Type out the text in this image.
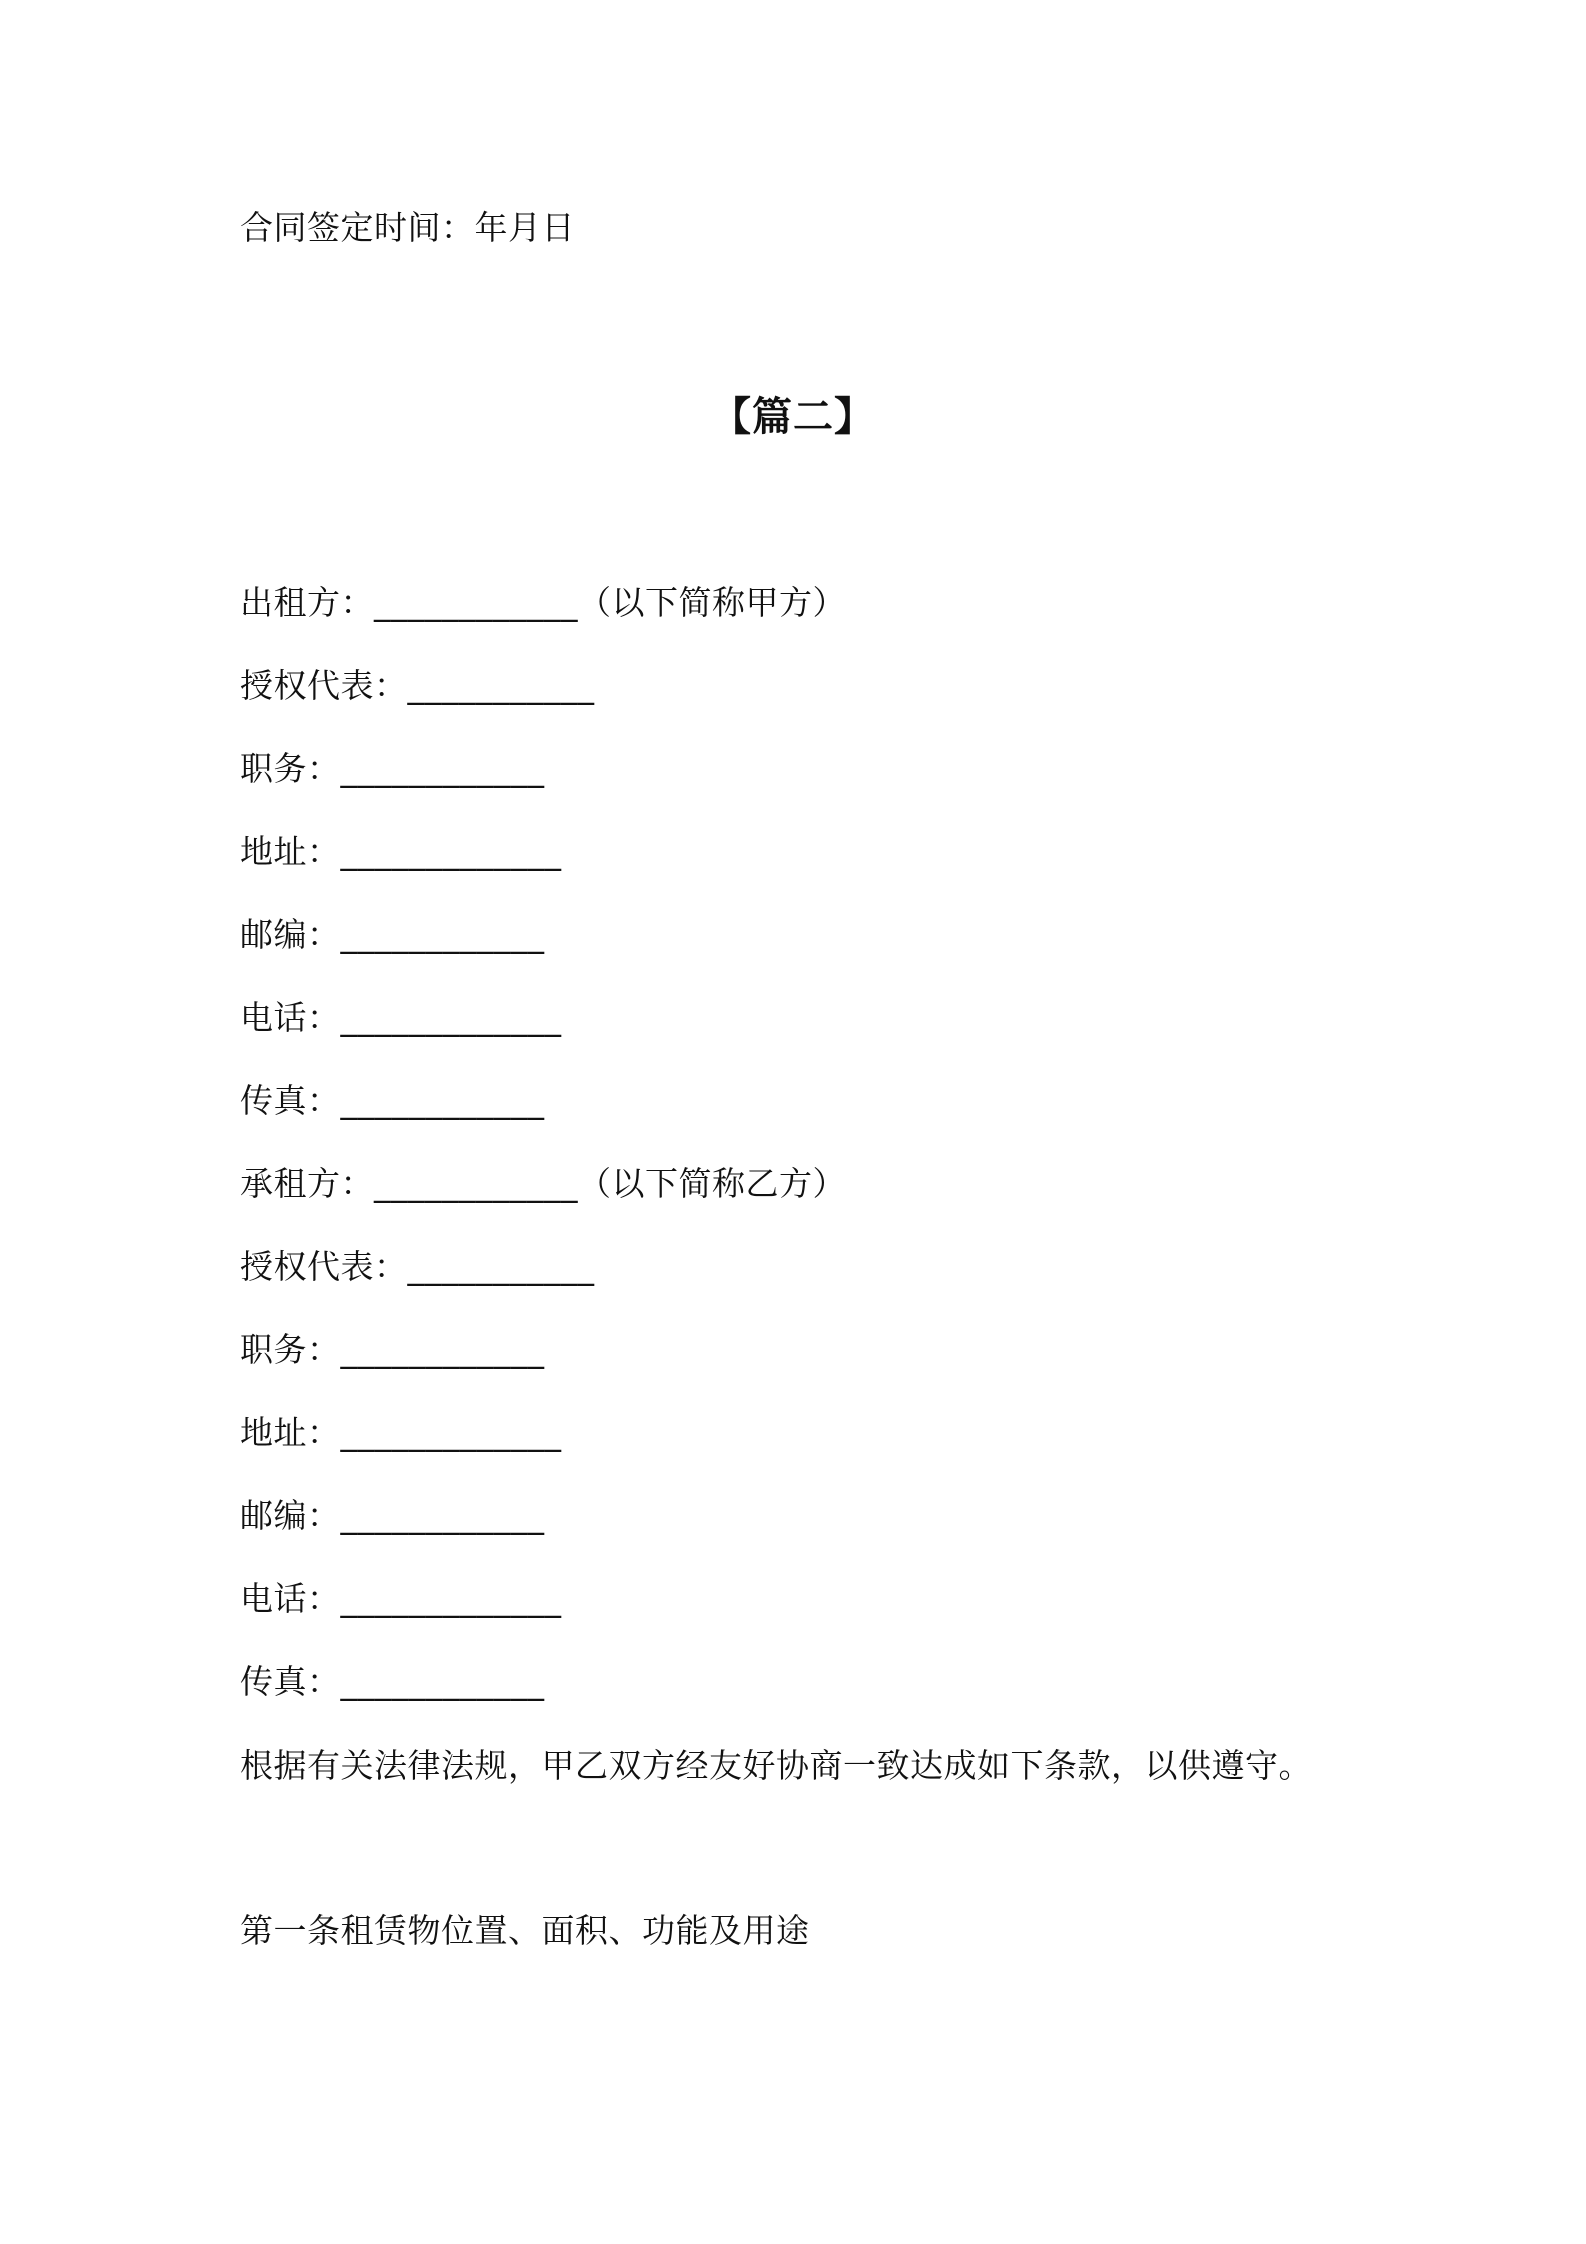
合同签定时间：年月日
【篇二】
出租方：____________（以下简称甲方）
授权代表：___________
职务：____________
地址：_____________
邮编：____________
电话：_____________
传真：____________
承租方：____________（以下简称乙方）
授权代表：___________
职务：____________
地址：_____________
邮编：____________
电话：_____________
传真：____________
根据有关法律法规，甲乙双方经友好协商一致达成如下条款，以供遵守。
第一条租赁物位置、面积、功能及用途
